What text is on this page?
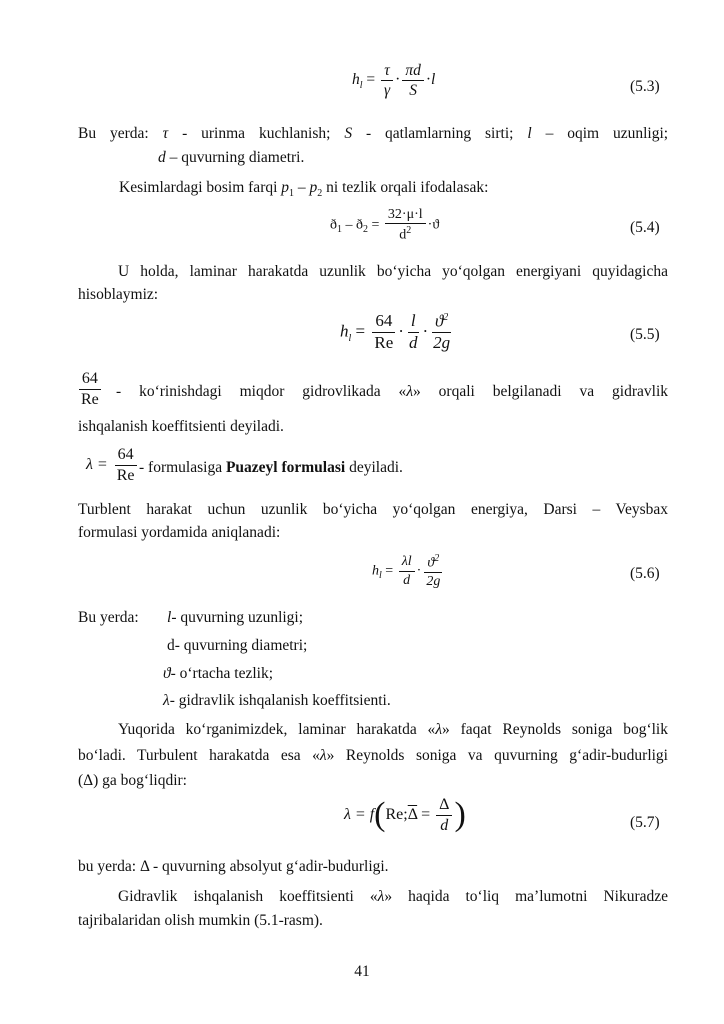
$h_l = \frac{\tau}{\gamma} \cdot \frac{\pi d}{S} \cdot l$	(5.3)
Bu yerda: τ - urinma kuchlanish; S - qatlamlarning sirti; l – oqim uzunligi;
d – quvurning diametri.
Kesimlardagi bosim farqi $p_1 - p_2$ ni tezlik orqali ifodalasak:
$ð_1$ – $ð_2 = \frac{32\cdot\mu\cdot l}{d^2} \cdot ϑ$	(5.4)
U holda, laminar harakatda uzunlik bo‘yicha yo‘qolgan energiyani quyidagicha
hisoblaymiz:
$h_l = \frac{64}{Re} \cdot \frac{l}{d} \cdot \frac{ϑ^2}{2g}$	(5.5)
$\frac{64}{Re}$ - ko‘rinishdagi miqdor gidrovlikada «λ» orqali belgilanadi va gidravlik
ishqalanish koeffitsienti deyiladi.
$\lambda = \frac{64}{Re}$ - formulasiga Puazeyl formulasi deyiladi.
Turblent harakat uchun uzunlik bo‘yicha yo‘qolgan energiya, Darsi – Veysbax
formulasi yordamida aniqlanadi:
$h_l = \frac{\lambda l}{d} \cdot \frac{ϑ^2}{2g}$	(5.6)
Bu yerda: l- quvurning uzunligi;
d- quvurning diametri;
ϑ- o‘rtacha tezlik;
λ- gidravlik ishqalanish koeffitsienti.
Yuqorida ko‘rganimizdek, laminar harakatda «λ» faqat Reynolds soniga bog‘lik
bo‘ladi. Turbulent harakatda esa «λ» Reynolds soniga va quvurning g‘adir-budurligi
(Δ) ga bog‘liqdir:
$\lambda = f(Re;\overline{\Delta} = \frac{\Delta}{d}$ )	(5.7)
bu yerda: Δ - quvurning absolyut g‘adir-budurligi.
Gidravlik ishqalanish koeffitsienti «λ» haqida to‘liq ma’lumotni Nikuradze
tajribalaridan olish mumkin (5.1-rasm).
41
